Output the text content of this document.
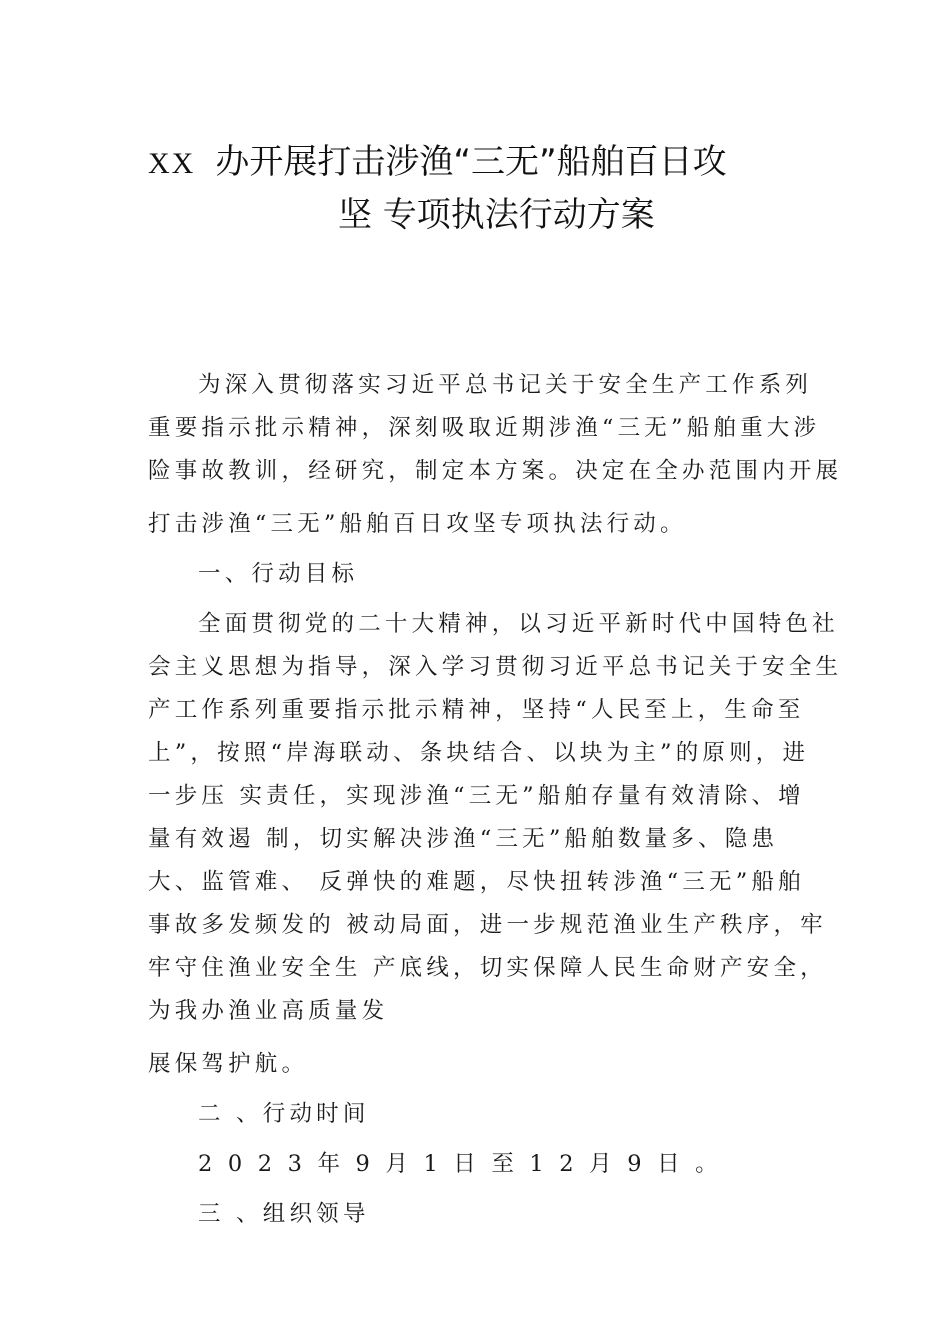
XX 办开展打击涉渔“三无”船舶百日攻
坚 专项执法行动方案
为深入贯彻落实习近平总书记关于安全生产工作系列
重要指示批示精神，深刻吸取近期涉渔“三无”船舶重大涉
险事故教训，经研究，制定本方案。决定在全办范围内开展
打击涉渔“三无”船舶百日攻坚专项执法行动。
一、行动目标
全面贯彻党的二十大精神，以习近平新时代中国特色社
会主义思想为指导，深入学习贯彻习近平总书记关于安全生
产工作系列重要指示批示精神，坚持“人民至上，生命至
上”，按照“岸海联动、条块结合、以块为主”的原则，进
一步压 实责任，实现涉渔“三无”船舶存量有效清除、增
量有效遏 制，切实解决涉渔“三无”船舶数量多、隐患
大、监管难、 反弹快的难题，尽快扭转涉渔“三无”船舶
事故多发频发的 被动局面，进一步规范渔业生产秩序，牢
牢守住渔业安全生 产底线，切实保障人民生命财产安全，
为我办渔业高质量发
展保驾护航。
二 、行动时间
2 0 2 3 年 9 月 1 日 至 1 2 月 9 日 。
三 、组织领导
